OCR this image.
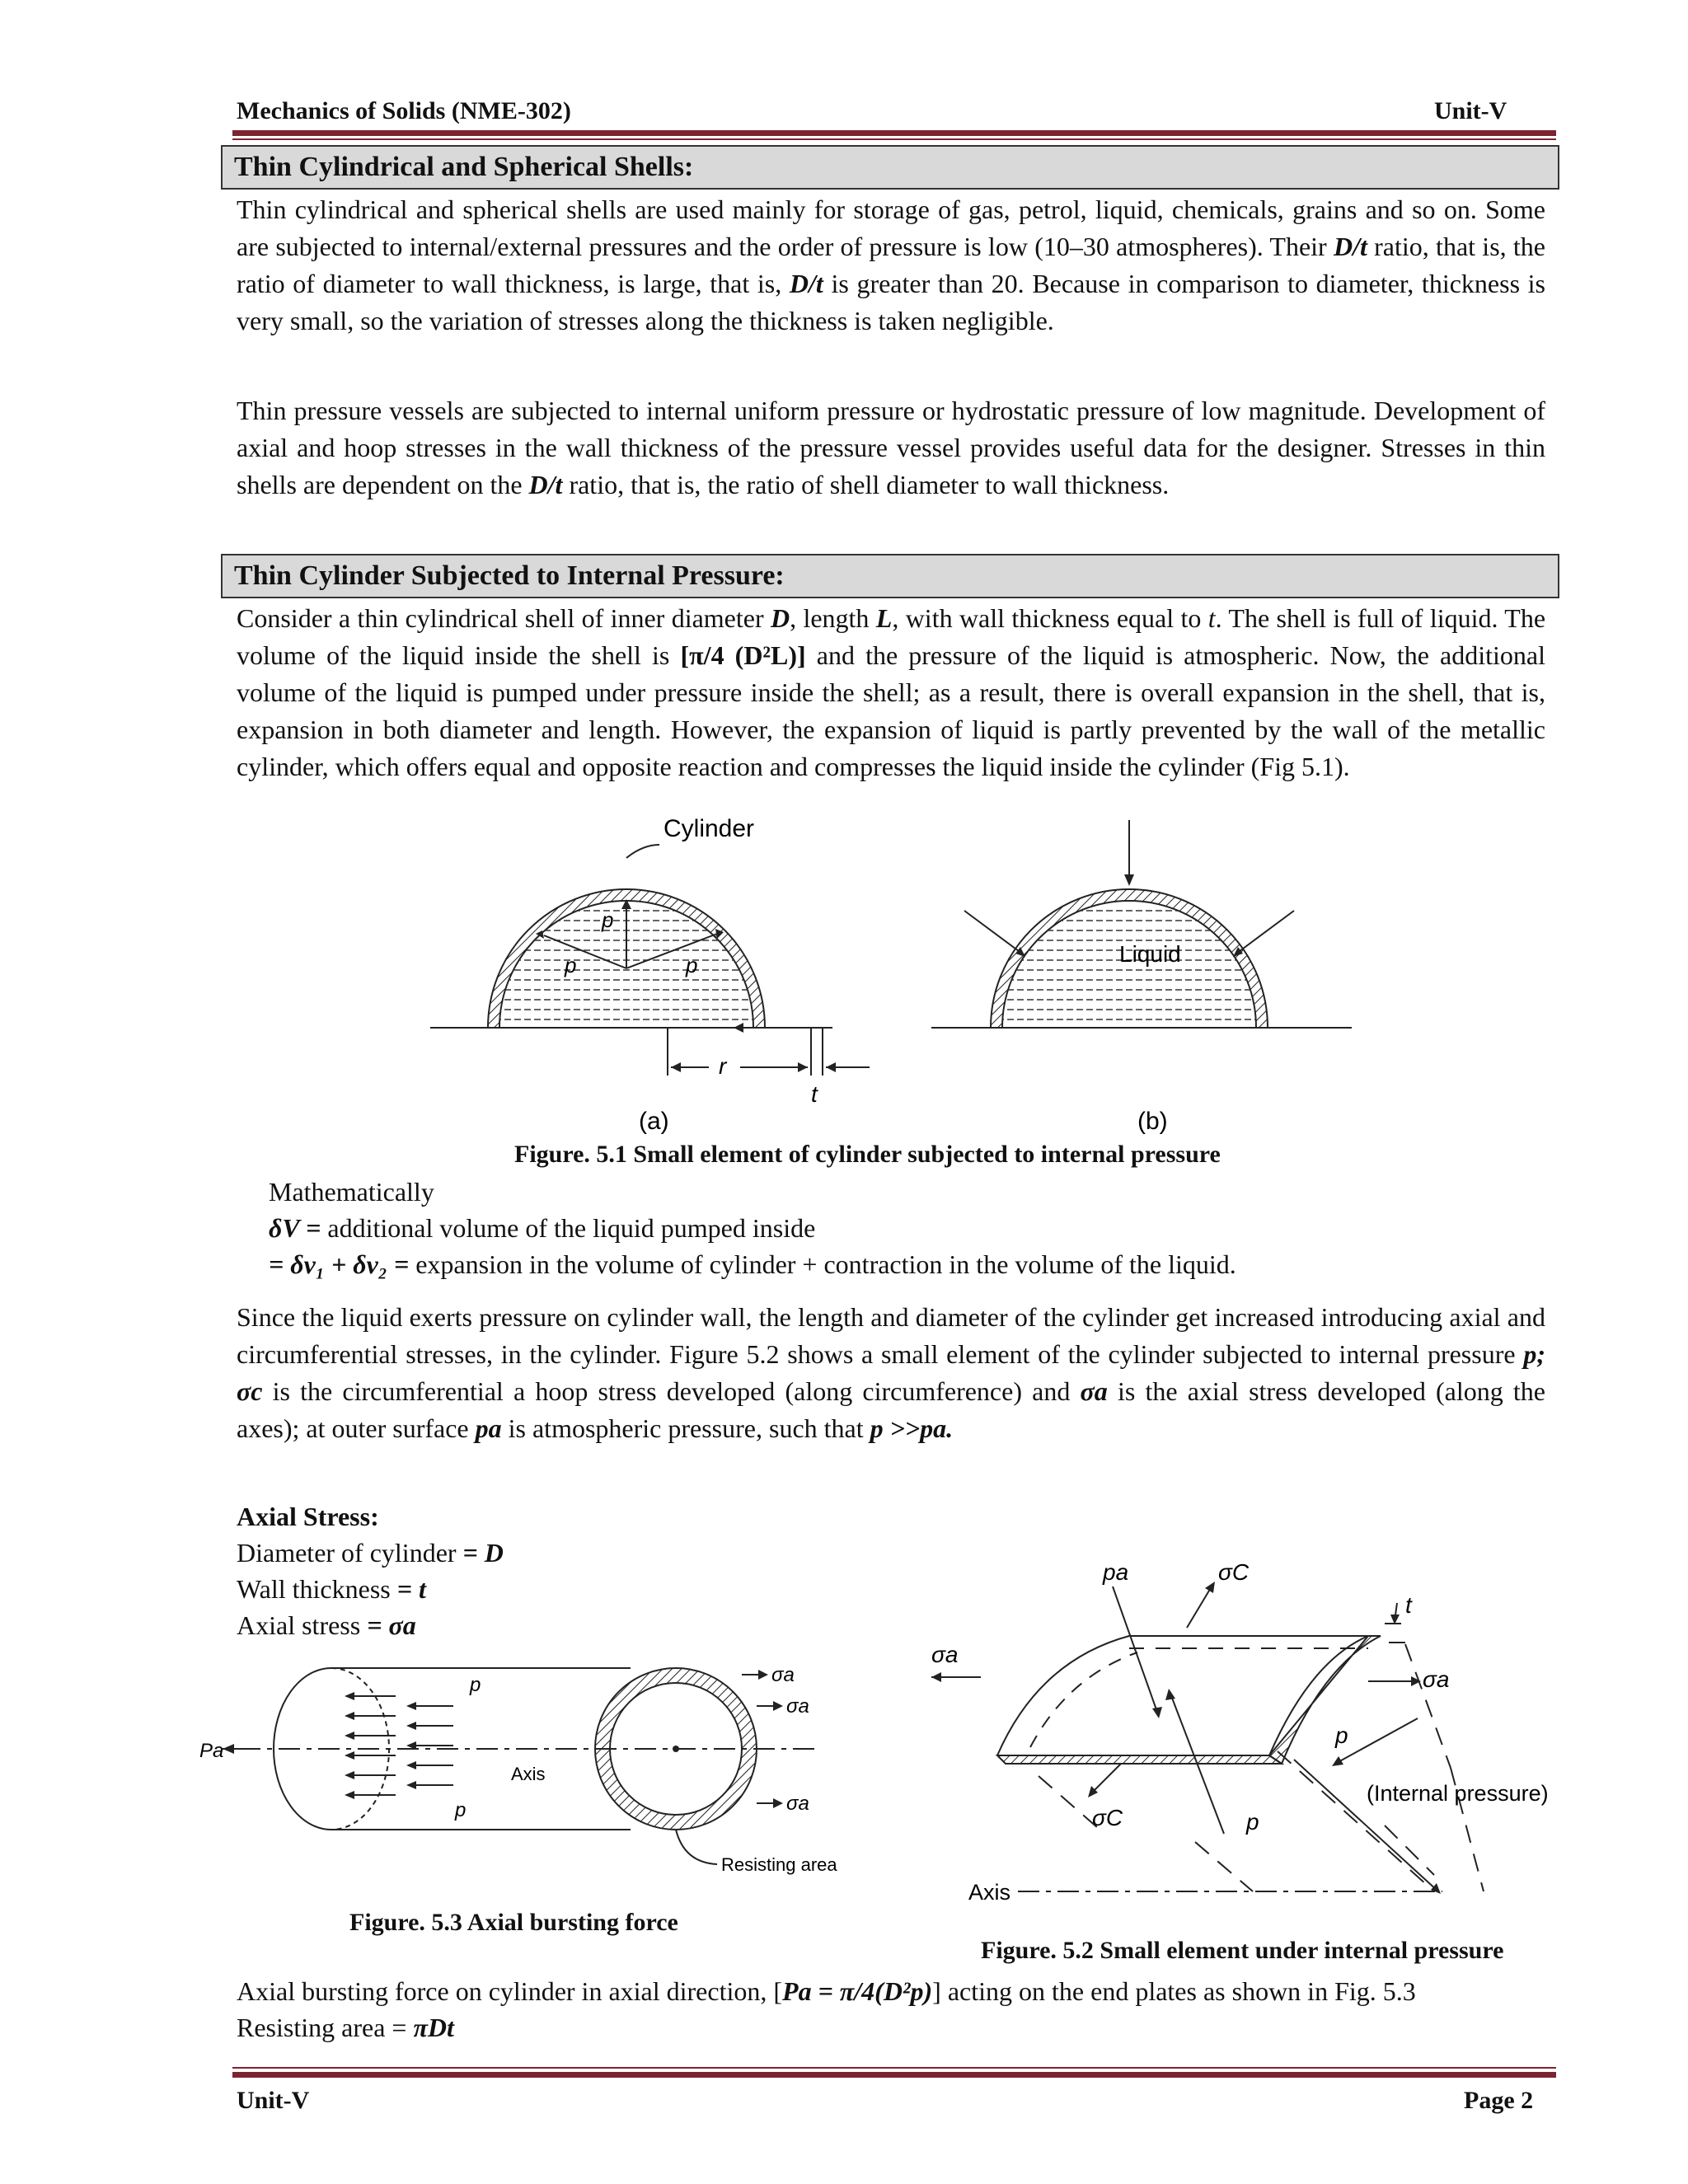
Mechanics of Solids (NME-302)	Unit-V
Thin Cylindrical and Spherical Shells:
Thin cylindrical and spherical shells are used mainly for storage of gas, petrol, liquid, chemicals, grains and so on. Some are subjected to internal/external pressures and the order of pressure is low (10–30 atmospheres). Their D/t ratio, that is, the ratio of diameter to wall thickness, is large, that is, D/t is greater than 20. Because in comparison to diameter, thickness is very small, so the variation of stresses along the thickness is taken negligible.
Thin pressure vessels are subjected to internal uniform pressure or hydrostatic pressure of low magnitude. Development of axial and hoop stresses in the wall thickness of the pressure vessel provides useful data for the designer. Stresses in thin shells are dependent on the D/t ratio, that is, the ratio of shell diameter to wall thickness.
Thin Cylinder Subjected to Internal Pressure:
Consider a thin cylindrical shell of inner diameter D, length L, with wall thickness equal to t. The shell is full of liquid. The volume of the liquid inside the shell is [π/4 (D²L)] and the pressure of the liquid is atmospheric. Now, the additional volume of the liquid is pumped under pressure inside the shell; as a result, there is overall expansion in the shell, that is, expansion in both diameter and length. However, the expansion of liquid is partly prevented by the wall of the metallic cylinder, which offers equal and opposite reaction and compresses the liquid inside the cylinder (Fig 5.1).
p
p	p
Cylinder
r
t
(a)
Liquid
(b)
Figure. 5.1 Small element of cylinder subjected to internal pressure
Mathematically
δV = additional volume of the liquid pumped inside
= δv₁ + δv₂ = expansion in the volume of cylinder + contraction in the volume of the liquid.
Since the liquid exerts pressure on cylinder wall, the length and diameter of the cylinder get increased introducing axial and circumferential stresses, in the cylinder. Figure 5.2 shows a small element of the cylinder subjected to internal pressure p; σc is the circumferential a hoop stress developed (along circumference) and σa is the axial stress developed (along the axes); at outer surface pa is atmospheric pressure, such that p >>pa.
Axial Stress:
Diameter of cylinder = D
Wall thickness = t
Axial stress = σa
Pa
p
p
Axis
σa
σa
σa
Resisting area
Figure. 5.3 Axial bursting force
σa
σa
pa	σC
p
σC
p
t
(Internal pressure)
Axis
Figure. 5.2 Small element under internal pressure
Axial bursting force on cylinder in axial direction, [Pa = π/4(D²p)] acting on the end plates as shown in Fig. 5.3
Resisting area = πDt
Unit-V	Page 2
